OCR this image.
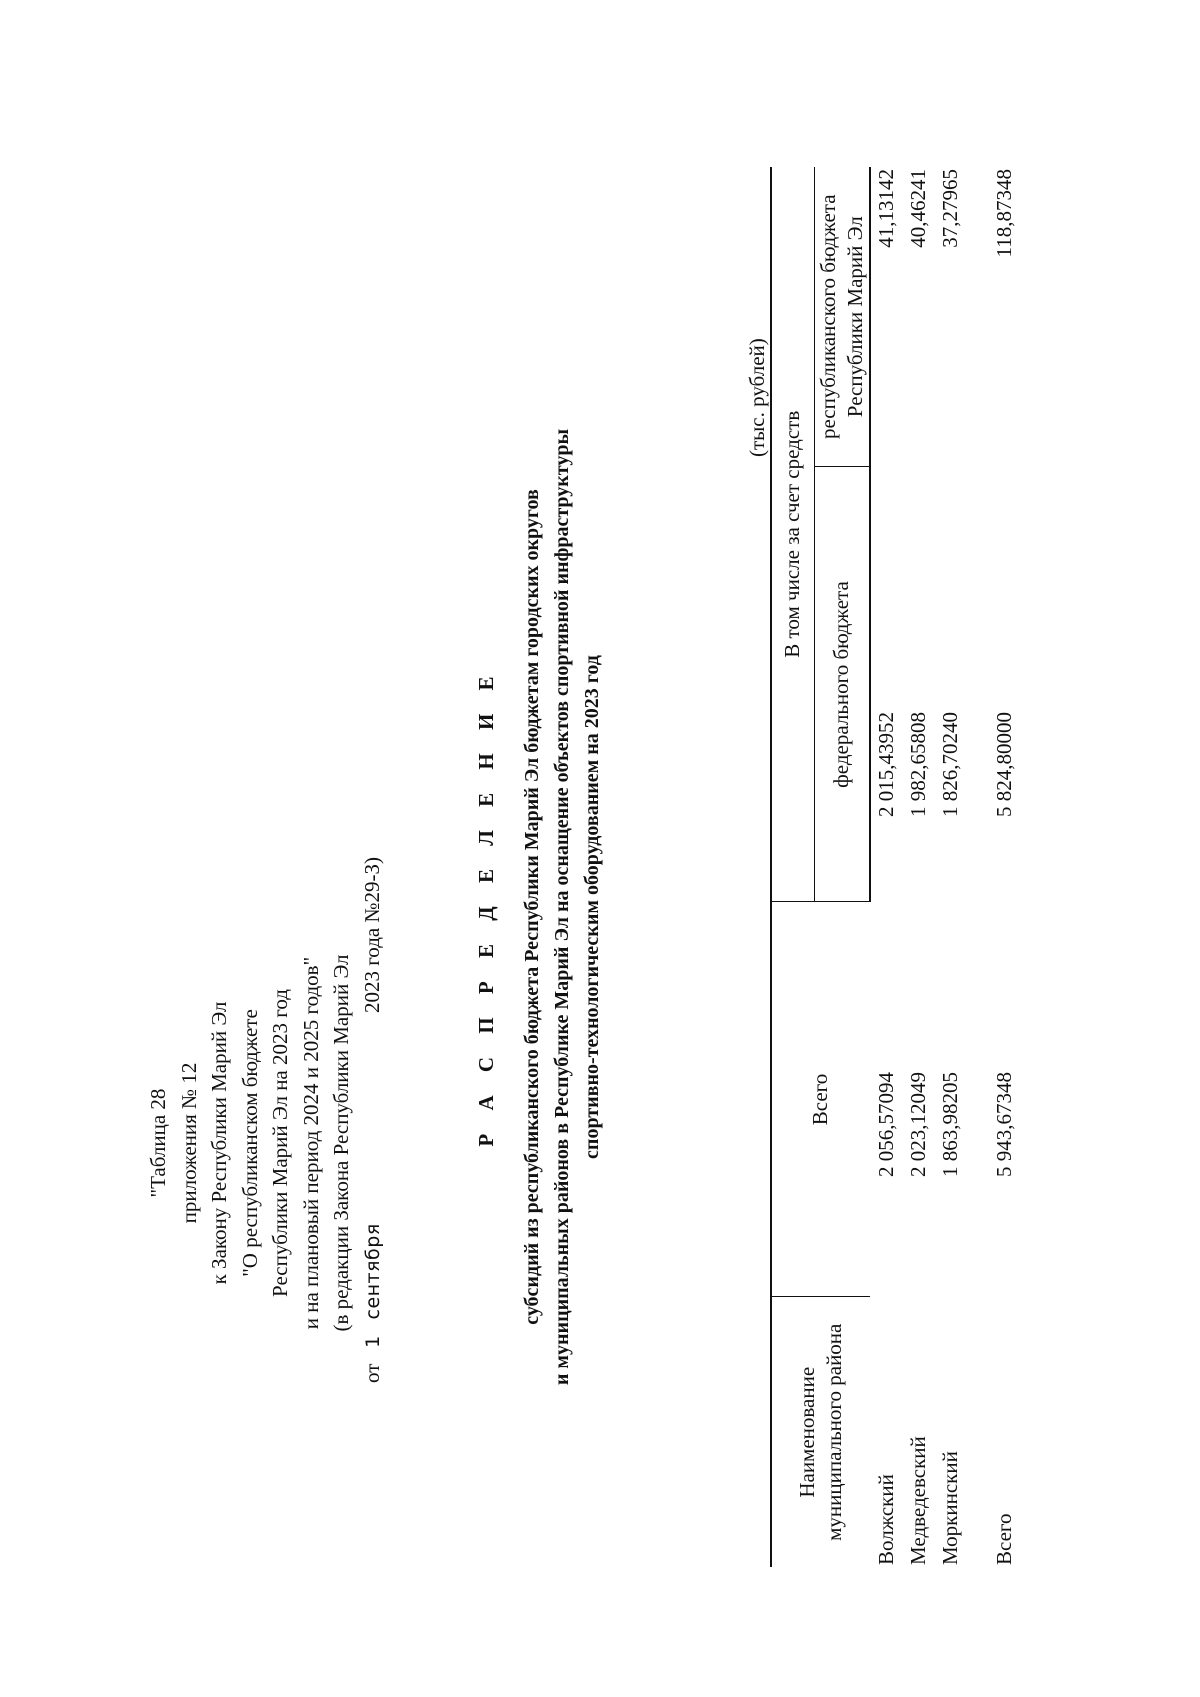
"Таблица 28 приложения № 12 к Закону Республики Марий Эл "О республиканском бюджете Республики Марий Эл на 2023 год и на плановый период 2024 и 2025 годов" (в редакции Закона Республики Марий Эл
от   1   сентября
2023 года №29-З)	Р А С П Р Е Д Е Л Е Н И Е субсидий из республиканского бюджета Республики Марий Эл бюджетам городских округов и муниципальных районов в Республике Марий Эл на оснащение объектов спортивной инфраструктуры спортивно-технологическим оборудованием на 2023 год
(тыс. рублей)
Наименование муниципального района	Всего	В том числе за счет средств	
		федерального бюджета	республиканского бюджета Республики Марий Эл
Волжский	2 056,57094	2 015,43952	41,13142
Медведевский	2 023,12049	1 982,65808	40,46241
Моркинский	1 863,98205	1 826,70240	37,27965

Всего	5 943,67348	5 824,80000	118,87348
